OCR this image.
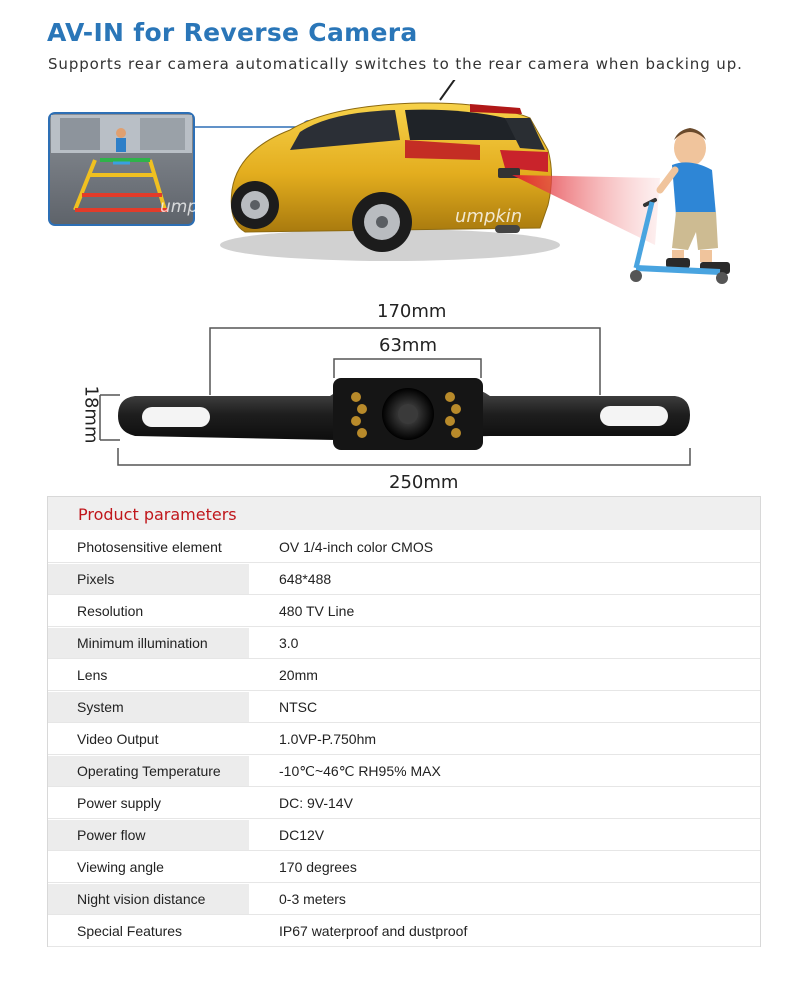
AV-IN for Reverse Camera
Supports rear camera automatically switches to the rear camera when backing up.
umpkin	umpkin
170mm
63mm
18mm
250mm
Product parameters
Photosensitive element	OV 1/4-inch color CMOS
Pixels	648*488
Resolution	480 TV Line
Minimum illumination	3.0
Lens	20mm
System	NTSC
Video Output	1.0VP-P.750hm
Operating Temperature	-10℃~46℃ RH95% MAX
Power supply	DC: 9V-14V
Power flow	DC12V
Viewing angle	170 degrees
Night vision distance	0-3 meters
Special Features	IP67 waterproof and dustproof
